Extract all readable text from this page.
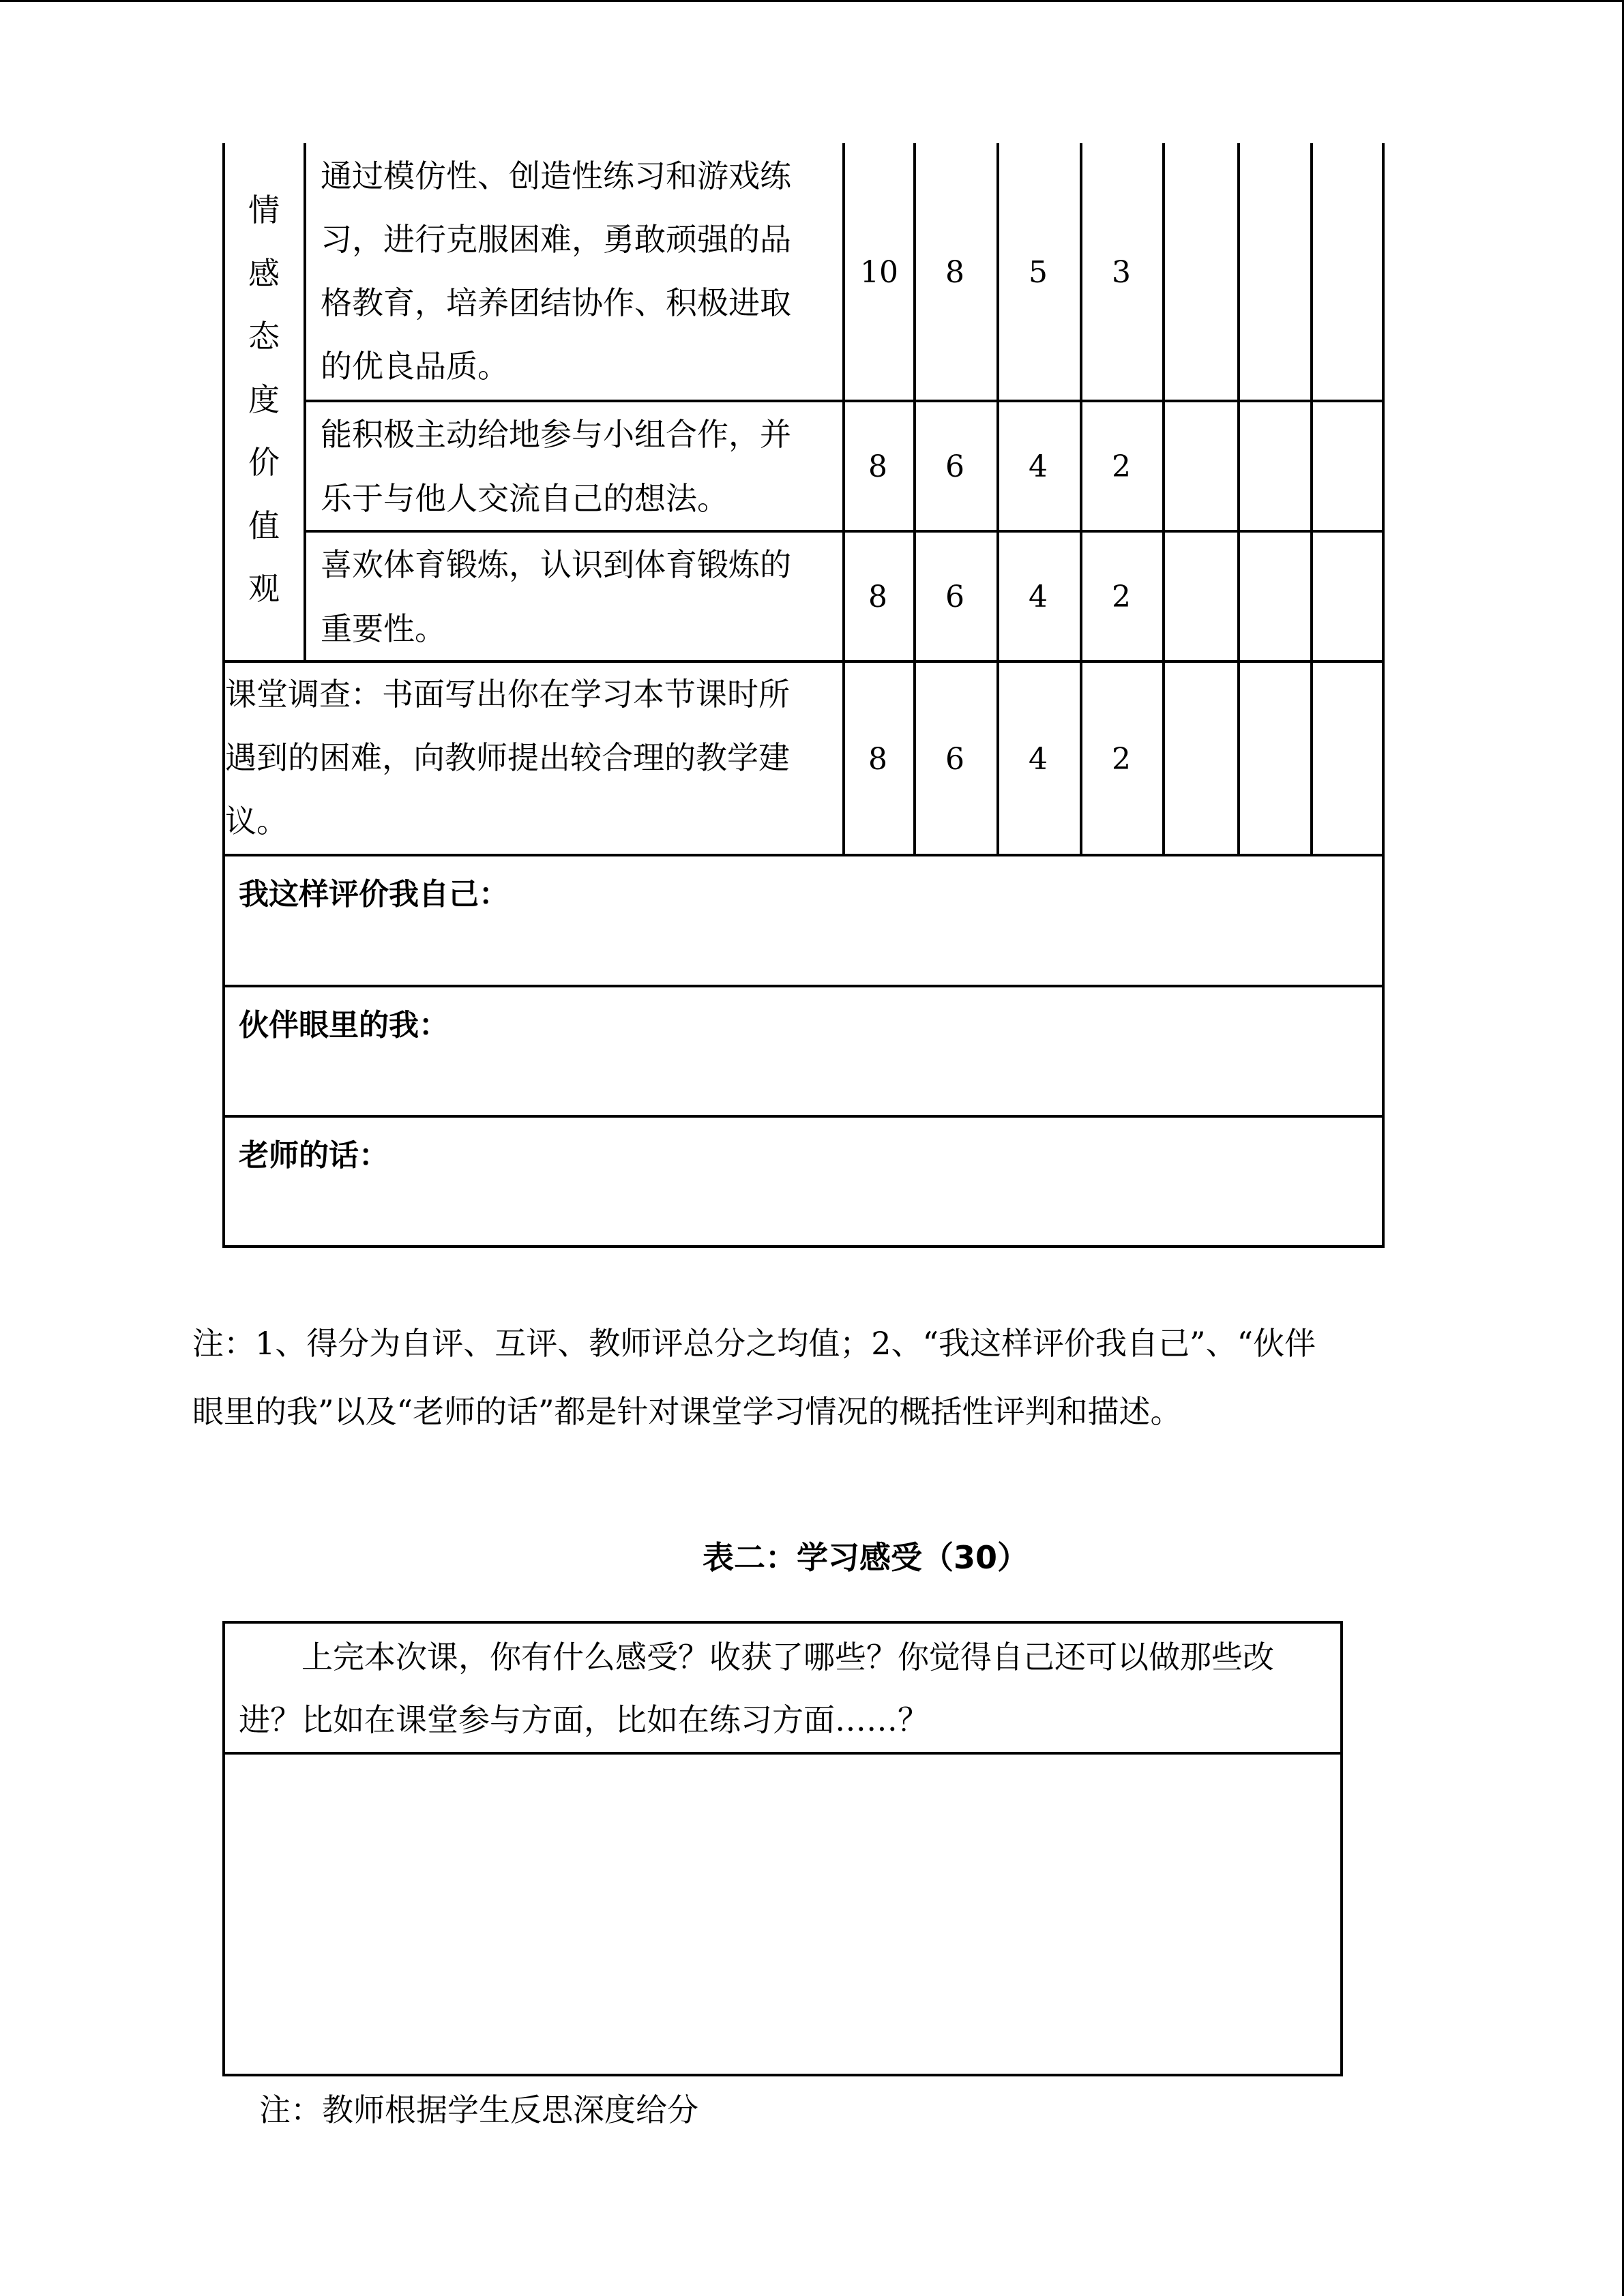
情
感
态
度
价
值
观
通过模仿性、创造性练习和游戏练
习，进行克服困难，勇敢顽强的品
格教育，培养团结协作、积极进取
的优良品质。
10	8	5	3
能积极主动给地参与小组合作，并
乐于与他人交流自己的想法。
8	6	4	2
喜欢体育锻炼，认识到体育锻炼的
重要性。
8	6	4	2
课堂调查：书面写出你在学习本节课时所
遇到的困难，向教师提出较合理的教学建
议。
8	6	4	2
我这样评价我自己：
伙伴眼里的我：
老师的话：
注：1、得分为自评、互评、教师评总分之均值；2、“我这样评价我自己”、“伙伴
眼里的我”以及“老师的话”都是针对课堂学习情况的概括性评判和描述。
表二：学习感受（30）
上完本次课，你有什么感受？收获了哪些？你觉得自己还可以做那些改
进？比如在课堂参与方面，比如在练习方面……？
注：教师根据学生反思深度给分
